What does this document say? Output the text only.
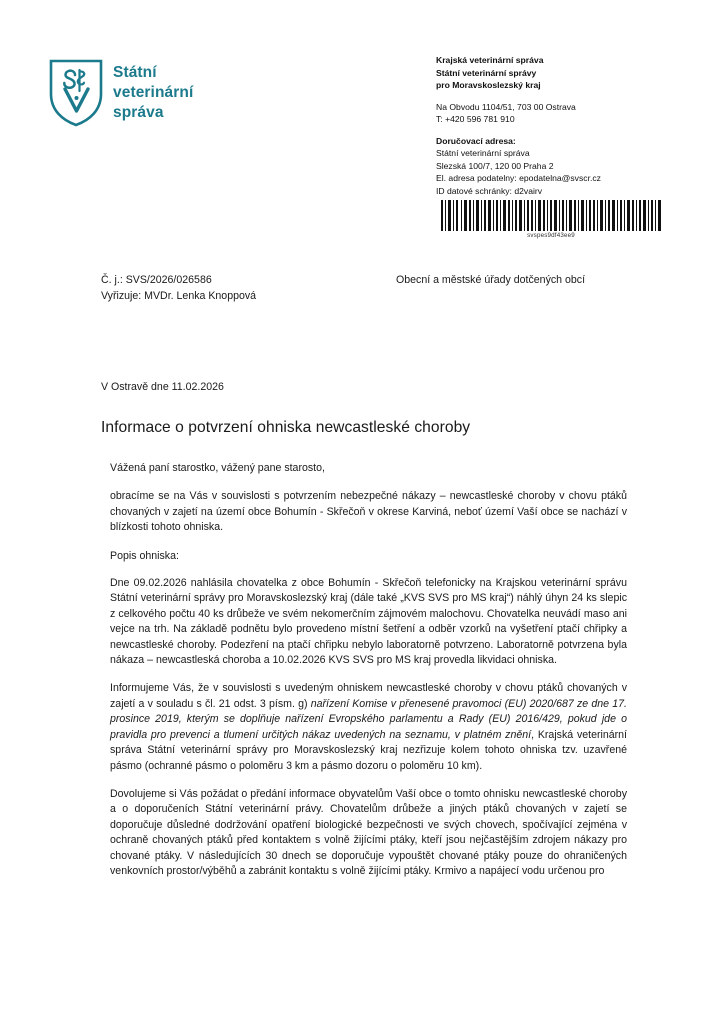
Státní
veterinární
správa
Krajská veterinární správa
Státní veterinární správy
pro Moravskoslezský kraj
Na Obvodu 1104/51, 703 00 Ostrava
T: +420 596 781 910
Doručovací adresa:
Státní veterinární správa
Slezská 100/7, 120 00 Praha 2
El. adresa podatelny: epodatelna@svscr.cz
ID datové schránky: d2vairv
svspes9df43ee9
Č. j.: SVS/2026/026586
Vyřizuje: MVDr. Lenka Knoppová
Obecní a městské úřady dotčených obcí
V Ostravě dne 11.02.2026
Informace o potvrzení ohniska newcastleské choroby

Vážená paní starostko, vážený pane starosto,

obracíme se na Vás v souvislosti s potvrzením nebezpečné nákazy – newcastleské choroby v chovu ptáků chovaných v zajetí na území obce Bohumín - Skřečoň v okrese Karviná, neboť území Vaší obce se nachází v blízkosti tohoto ohniska.

Popis ohniska:

Dne 09.02.2026 nahlásila chovatelka z obce Bohumín - Skřečoň telefonicky na Krajskou veterinární správu Státní veterinární správy pro Moravskoslezský kraj (dále také „KVS SVS pro MS kraj“) náhlý úhyn 24 ks slepic z celkového počtu 40 ks drůbeže ve svém nekomerčním zájmovém malochovu. Chovatelka neuvádí maso ani vejce na trh. Na základě podnětu bylo provedeno místní šetření a odběr vzorků na vyšetření ptačí chřipky a newcastleské choroby. Podezření na ptačí chřipku nebylo laboratorně potvrzeno. Laboratorně potvrzena byla nákaza – newcastleská choroba a 10.02.2026 KVS SVS pro MS kraj provedla likvidaci ohniska.

Informujeme Vás, že v souvislosti s uvedeným ohniskem newcastleské choroby v chovu ptáků chovaných v zajetí a v souladu s čl. 21 odst. 3 písm. g) nařízení Komise v přenesené pravomoci (EU) 2020/687 ze dne 17. prosince 2019, kterým se doplňuje nařízení Evropského parlamentu a Rady (EU) 2016/429, pokud jde o pravidla pro prevenci a tlumení určitých nákaz uvedených na seznamu, v platném znění, Krajská veterinární správa Státní veterinární správy pro Moravskoslezský kraj nezřizuje kolem tohoto ohniska tzv. uzavřené pásmo (ochranné pásmo o poloměru 3 km a pásmo dozoru o poloměru 10 km).

Dovolujeme si Vás požádat o předání informace obyvatelům Vaší obce o tomto ohnisku newcastleské choroby a o doporučeních Státní veterinární právy. Chovatelům drůbeže a jiných ptáků chovaných v zajetí se doporučuje důsledné dodržování opatření biologické bezpečnosti ve svých chovech, spočívající zejména v ochraně chovaných ptáků před kontaktem s volně žijícími ptáky, kteří jsou nejčastějším zdrojem nákazy pro chované ptáky. V následujících 30 dnech se doporučuje vypouštět chované ptáky pouze do ohraničených venkovních prostor/výběhů a zabránit kontaktu s volně žijícími ptáky. Krmivo a napájecí vodu určenou pro
